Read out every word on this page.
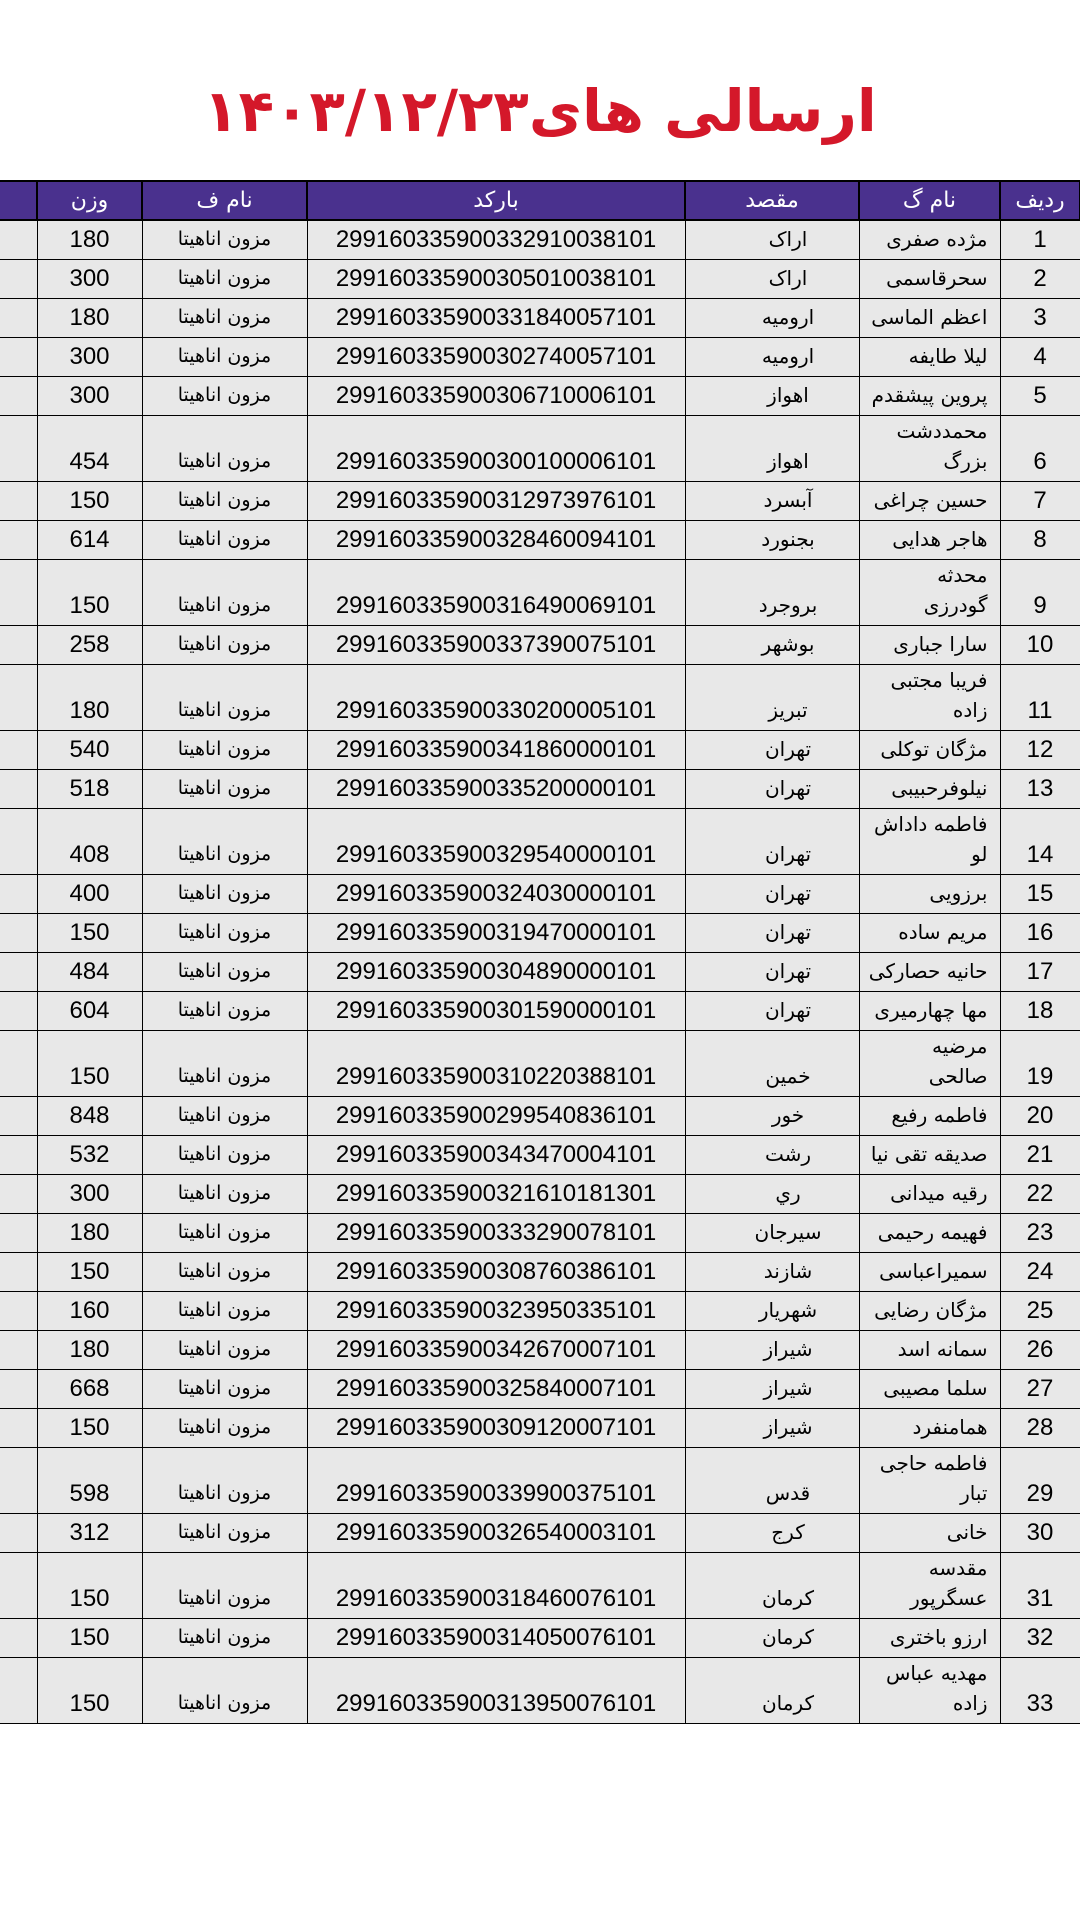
ارسالی های۱۴۰۳/۱۲/۲۳
ردیف	نام گ	مقصد	بارکد	نام ف	وزن	
1	مژده صفری	اراک	299160335900332910038101	مزون اناهیتا	180	
2	سحرقاسمی	اراک	299160335900305010038101	مزون اناهیتا	300	
3	اعظم الماسی	ارومیه	299160335900331840057101	مزون اناهیتا	180	
4	لیلا طایفه	ارومیه	299160335900302740057101	مزون اناهیتا	300	
5	پروین پیشقدم	اهواز	299160335900306710006101	مزون اناهیتا	300	
6	محمددشت بزرگ	اهواز	299160335900300100006101	مزون اناهیتا	454	
7	حسین چراغی	آبسرد	299160335900312973976101	مزون اناهیتا	150	
8	هاجر هدایی	بجنورد	299160335900328460094101	مزون اناهیتا	614	
9	محدثه گودرزی	بروجرد	299160335900316490069101	مزون اناهیتا	150	
10	سارا جباری	بوشهر	299160335900337390075101	مزون اناهیتا	258	
11	فریبا مجتبی زاده	تبریز	299160335900330200005101	مزون اناهیتا	180	
12	مژگان توکلی	تهران	299160335900341860000101	مزون اناهیتا	540	
13	نیلوفرحبیبی	تهران	299160335900335200000101	مزون اناهیتا	518	
14	فاطمه داداش لو	تهران	299160335900329540000101	مزون اناهیتا	408	
15	برزویی	تهران	299160335900324030000101	مزون اناهیتا	400	
16	مریم ساده	تهران	299160335900319470000101	مزون اناهیتا	150	
17	حانیه حصارکی	تهران	299160335900304890000101	مزون اناهیتا	484	
18	مها چهارمیری	تهران	299160335900301590000101	مزون اناهیتا	604	
19	مرضیه صالحی	خمین	299160335900310220388101	مزون اناهیتا	150	
20	فاطمه رفیع	خور	299160335900299540836101	مزون اناهیتا	848	
21	صدیقه تقی نیا	رشت	299160335900343470004101	مزون اناهیتا	532	
22	رقیه میدانی	ري	299160335900321610181301	مزون اناهیتا	300	
23	فهیمه رحیمی	سیرجان	299160335900333290078101	مزون اناهیتا	180	
24	سمیراعباسی	شازند	299160335900308760386101	مزون اناهیتا	150	
25	مژگان رضایی	شهریار	299160335900323950335101	مزون اناهیتا	160	
26	سمانه اسد	شیراز	299160335900342670007101	مزون اناهیتا	180	
27	سلما مصیبی	شیراز	299160335900325840007101	مزون اناهیتا	668	
28	همامنفرد	شیراز	299160335900309120007101	مزون اناهیتا	150	
29	فاطمه حاجی تبار	قدس	299160335900339900375101	مزون اناهیتا	598	
30	خانی	کرج	299160335900326540003101	مزون اناهیتا	312	
31	مقدسه عسگرپور	کرمان	299160335900318460076101	مزون اناهیتا	150	
32	ارزو باختری	کرمان	299160335900314050076101	مزون اناهیتا	150	
33	مهدیه عباس زاده	کرمان	299160335900313950076101	مزون اناهیتا	150	
